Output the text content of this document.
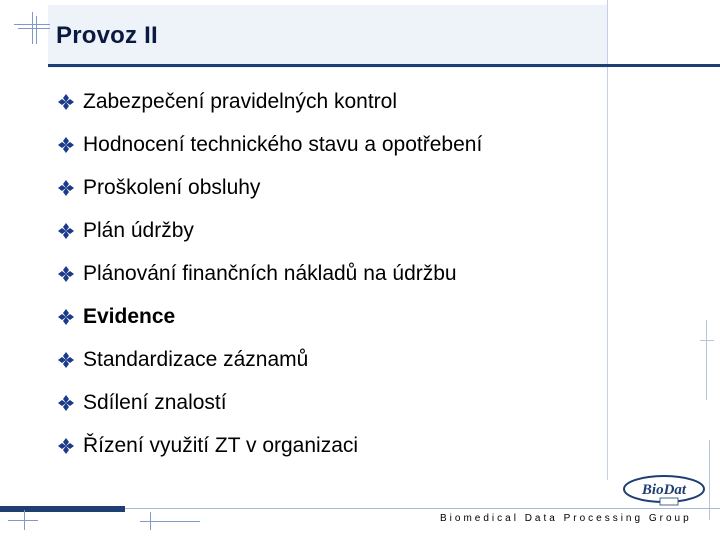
Provoz II
Zabezpečení pravidelných kontrol
Hodnocení technického stavu a opotřebení
Proškolení obsluhy
Plán údržby
Plánování finančních nákladů na údržbu
Evidence
Standardizace záznamů
Sdílení znalostí
Řízení využití ZT v organizaci
BioDat
Biomedical Data Processing Group
